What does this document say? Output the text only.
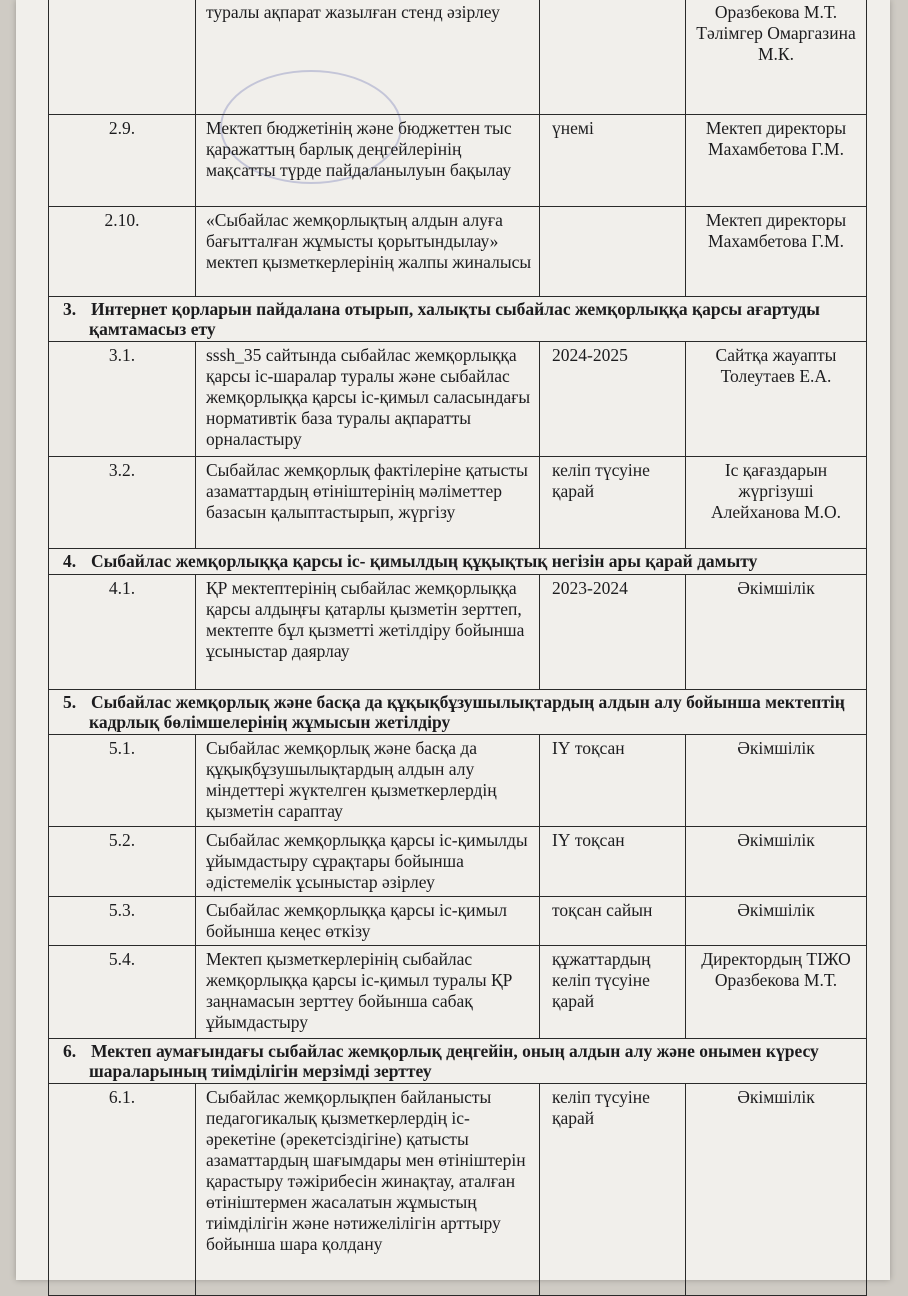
	туралы ақпарат жазылған стенд әзірлеу		Оразбекова М.Т. Тәлімгер Омаргазина М.К.
2.9.	Мектеп бюджетінің және бюджеттен тыс қаражаттың барлық деңгейлерінің мақсатты түрде пайдаланылуын бақылау	үнемі	Мектеп директоры Махамбетова Г.М.
2.10.	«Сыбайлас жемқорлықтың алдын алуға бағытталған жұмысты қорытындылау» мектеп қызметкерлерінің жалпы жиналысы		Мектеп директоры Махамбетова Г.М.
3. Интернет қорларын пайдалана отырып, халықты сыбайлас жемқорлыққа қарсы ағартуды қамтамасыз ету			
3.1.	sssh_35 сайтында сыбайлас жемқорлыққа қарсы іс-шаралар туралы және сыбайлас жемқорлыққа қарсы іс-қимыл саласындағы нормативтік база туралы ақпаратты орналастыру	2024-2025	Сайтқа жауапты Толеутаев Е.А.
3.2.	Сыбайлас жемқорлық фактілеріне қатысты азаматтардың өтініштерінің мәліметтер базасын қалыптастырып, жүргізу	келіп түсуіне қарай	Іс қағаздарын жүргізуші Алейханова М.О.
4. Сыбайлас жемқорлыққа қарсы іс- қимылдың құқықтық негізін ары қарай дамыту			
4.1.	ҚР мектептерінің сыбайлас жемқорлыққа қарсы алдыңғы қатарлы қызметін зерттеп, мектепте бұл қызметті жетілдіру бойынша ұсыныстар даярлау	2023-2024	Әкімшілік
5. Сыбайлас жемқорлық және басқа да құқықбұзушылықтардың алдын алу бойынша мектептің кадрлық бөлімшелерінің жұмысын жетілдіру			
5.1.	Сыбайлас жемқорлық және басқа да құқықбұзушылықтардың алдын алу міндеттері жүктелген қызметкерлердің қызметін сараптау	ІҮ тоқсан	Әкімшілік
5.2.	Сыбайлас жемқорлыққа қарсы іс-қимылды ұйымдастыру сұрақтары бойынша әдістемелік ұсыныстар әзірлеу	ІҮ тоқсан	Әкімшілік
5.3.	Сыбайлас жемқорлыққа қарсы іс-қимыл бойынша кеңес өткізу	тоқсан сайын	Әкімшілік
5.4.	Мектеп қызметкерлерінің сыбайлас жемқорлыққа қарсы іс-қимыл туралы ҚР заңнамасын зерттеу бойынша сабақ ұйымдастыру	құжаттардың келіп түсуіне қарай	Директордың ТІЖО Оразбекова М.Т.
6. Мектеп аумағындағы сыбайлас жемқорлық деңгейін, оның алдын алу және онымен күресу шараларының тиімділігін мерзімді зерттеу			
6.1.	Сыбайлас жемқорлықпен байланысты педагогикалық қызметкерлердің іс-әрекетіне (әрекетсіздігіне) қатысты азаматтардың шағымдары мен өтініштерін қарастыру тәжірибесін жинақтау, аталған өтініштермен жасалатын жұмыстың тиімділігін және нәтижелілігін арттыру бойынша шара қолдану	келіп түсуіне қарай	Әкімшілік
